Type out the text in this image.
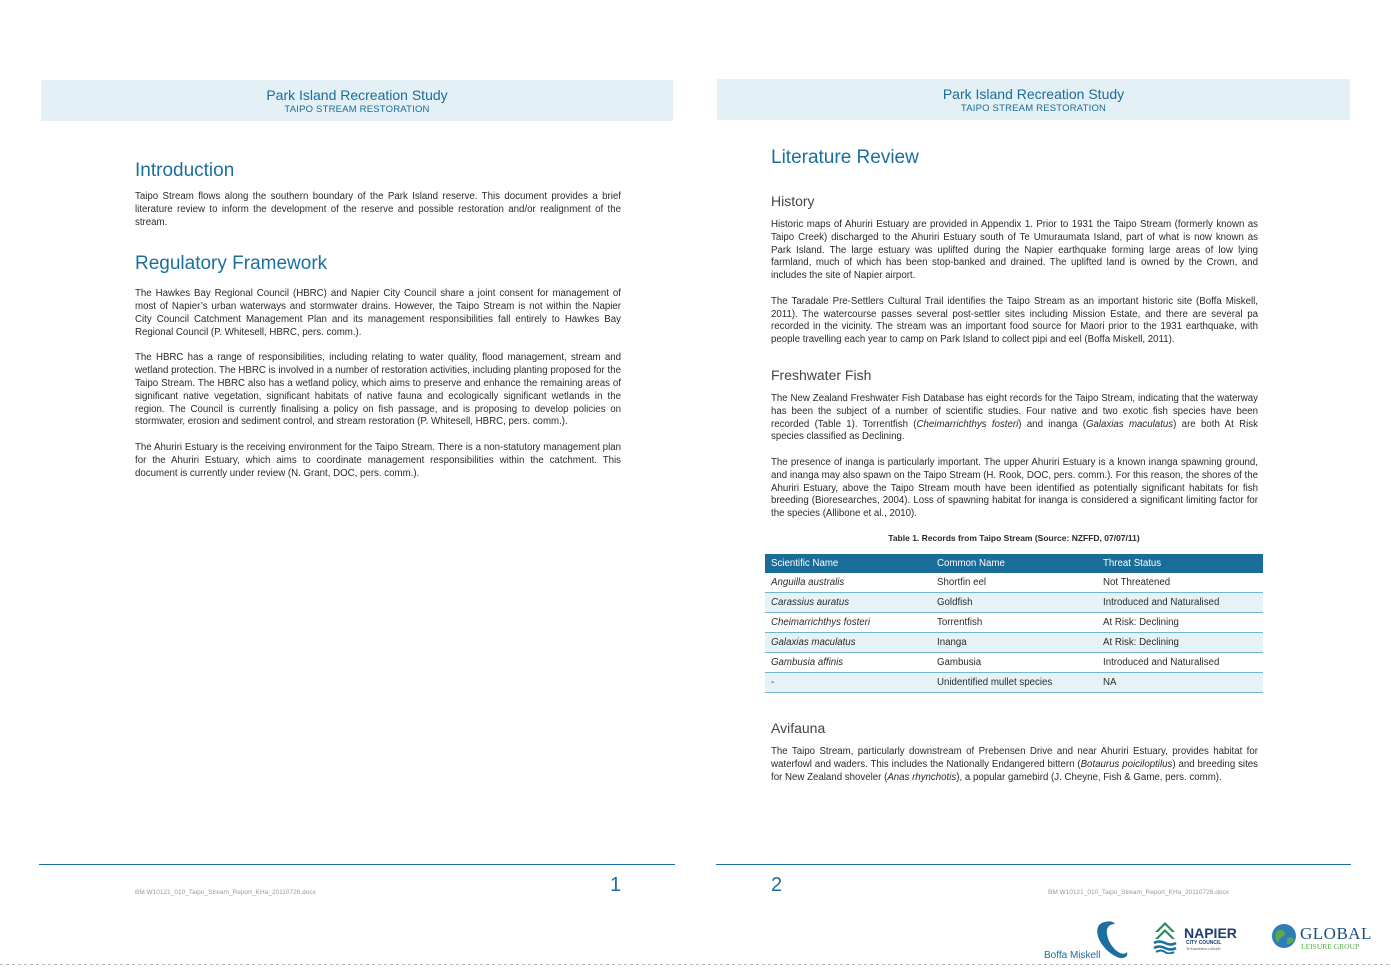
Park Island Recreation Study
TAIPO STREAM RESTORATION
Introduction

Taipo Stream flows along the southern boundary of the Park Island reserve. This document provides a brief literature review to inform the development of the reserve and possible restoration and/or realignment of the stream.

Regulatory Framework

The Hawkes Bay Regional Council (HBRC) and Napier City Council share a joint consent for management of most of Napier’s urban waterways and stormwater drains. However, the Taipo Stream is not within the Napier City Council Catchment Management Plan and its management responsibilities fall entirely to Hawkes Bay Regional Council (P. Whitesell, HBRC, pers. comm.).

The HBRC has a range of responsibilities, including relating to water quality, flood management, stream and wetland protection. The HBRC is involved in a number of restoration activities, including planting proposed for the Taipo Stream. The HBRC also has a wetland policy, which aims to preserve and enhance the remaining areas of significant native vegetation, significant habitats of native fauna and ecologically significant wetlands in the region. The Council is currently finalising a policy on fish passage, and is proposing to develop policies on stormwater, erosion and sediment control, and stream restoration (P. Whitesell, HBRC, pers. comm.).

The Ahuriri Estuary is the receiving environment for the Taipo Stream. There is a non-statutory management plan for the Ahuriri Estuary, which aims to coordinate management responsibilities within the catchment. This document is currently under review (N. Grant, DOC, pers. comm.).

BM W10121_010_Taipo_Stream_Report_KHa_20110726.docx	1
Park Island Recreation Study
TAIPO STREAM RESTORATION
Literature Review
History

Historic maps of Ahuriri Estuary are provided in Appendix 1. Prior to 1931 the Taipo Stream (formerly known as Taipo Creek) discharged to the Ahuriri Estuary south of Te Umuraumata Island, part of what is now known as Park Island. The large estuary was uplifted during the Napier earthquake forming large areas of low lying farmland, much of which has been stop-banked and drained. The uplifted land is owned by the Crown, and includes the site of Napier airport.

The Taradale Pre-Settlers Cultural Trail identifies the Taipo Stream as an important historic site (Boffa Miskell, 2011). The watercourse passes several post-settler sites including Mission Estate, and there are several pa recorded in the vicinity. The stream was an important food source for Maori prior to the 1931 earthquake, with people travelling each year to camp on Park Island to collect pipi and eel (Boffa Miskell, 2011).

Freshwater Fish

The New Zealand Freshwater Fish Database has eight records for the Taipo Stream, indicating that the waterway has been the subject of a number of scientific studies. Four native and two exotic fish species have been recorded (Table 1). Torrentfish (Cheimarrichthys fosteri) and inanga (Galaxias maculatus) are both At Risk species classified as Declining.

The presence of inanga is particularly important. The upper Ahuriri Estuary is a known inanga spawning ground, and inanga may also spawn on the Taipo Stream (H. Rook, DOC, pers. comm.). For this reason, the shores of the Ahuriri Estuary, above the Taipo Stream mouth have been identified as potentially significant habitats for fish breeding (Bioresearches, 2004). Loss of spawning habitat for inanga is considered a significant limiting factor for the species (Allibone et al., 2010).

Table 1. Records from Taipo Stream (Source: NZFFD, 07/07/11)
Scientific Name	Common Name	Threat Status
Anguilla australis	Shortfin eel	Not Threatened
Carassius auratus	Goldfish	Introduced and Naturalised
Cheimarrichthys fosteri	Torrentfish	At Risk: Declining
Galaxias maculatus	Inanga	At Risk: Declining
Gambusia affinis	Gambusia	Introduced and Naturalised
-	Unidentified mullet species	NA
Avifauna

The Taipo Stream, particularly downstream of Prebensen Drive and near Ahuriri Estuary, provides habitat for waterfowl and waders. This includes the Nationally Endangered bittern (Botaurus poiciloptilus) and breeding sites for New Zealand shoveler (Anas rhynchotis), a popular gamebird (J. Cheyne, Fish & Game, pers. comm).

2	BM W10121_010_Taipo_Stream_Report_KHa_20110726.docx
Boffa Miskell
NAPIER
CITY COUNCIL
Te Kaunihera o Ahuriri
GLOBAL
LEISURE GROUP
